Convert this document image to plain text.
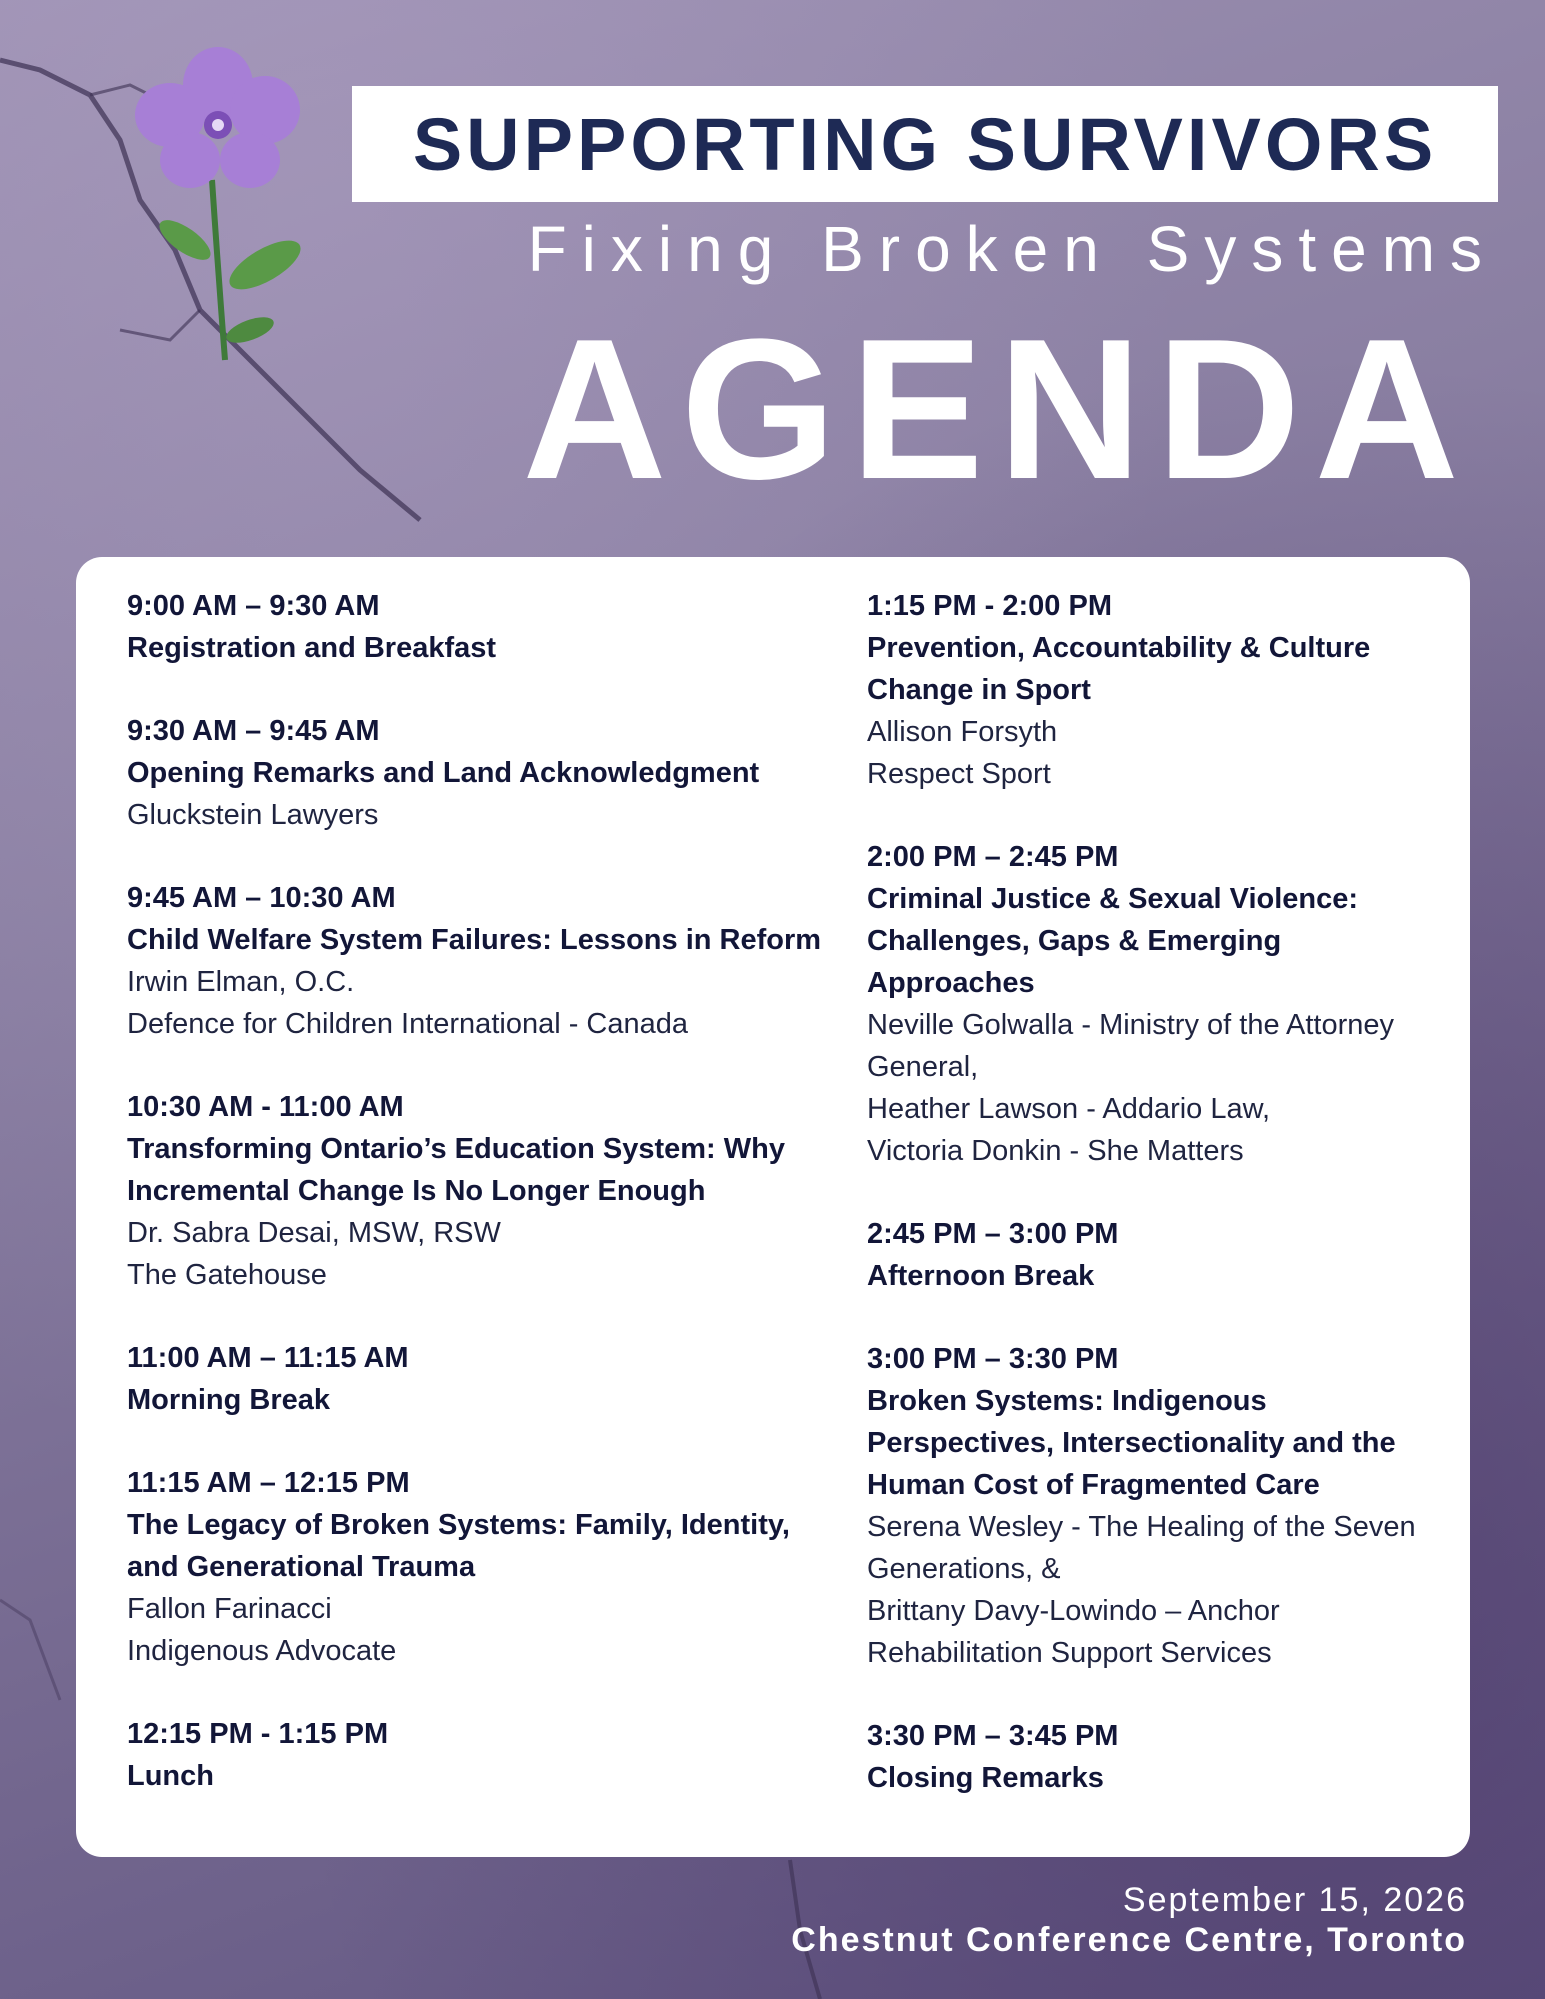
SUPPORTING SURVIVORS
Fixing Broken Systems
AGENDA
9:00 AM – 9:30 AM
Registration and Breakfast
9:30 AM – 9:45 AM
Opening Remarks and Land Acknowledgment
Gluckstein Lawyers
9:45 AM – 10:30 AM
Child Welfare System Failures: Lessons in Reform
Irwin Elman, O.C.
Defence for Children International - Canada
10:30 AM - 11:00 AM
Transforming Ontario’s Education System: Why Incremental Change Is No Longer Enough
Dr. Sabra Desai, MSW, RSW
The Gatehouse
11:00 AM – 11:15 AM
Morning Break
11:15 AM – 12:15 PM
The Legacy of Broken Systems: Family, Identity, and Generational Trauma
Fallon Farinacci
Indigenous Advocate
12:15 PM - 1:15 PM
Lunch
1:15 PM - 2:00 PM
Prevention, Accountability & Culture Change in Sport
Allison Forsyth
Respect Sport
2:00 PM – 2:45 PM
Criminal Justice & Sexual Violence: Challenges, Gaps & Emerging Approaches
Neville Golwalla - Ministry of the Attorney General,
Heather Lawson - Addario Law,
Victoria Donkin - She Matters
2:45 PM – 3:00 PM
Afternoon Break
3:00 PM – 3:30 PM
Broken Systems: Indigenous Perspectives, Intersectionality and the Human Cost of Fragmented Care
Serena Wesley - The Healing of the Seven Generations, &
Brittany Davy-Lowindo – Anchor Rehabilitation Support Services
3:30 PM – 3:45 PM
Closing Remarks
September 15, 2026
Chestnut Conference Centre, Toronto
